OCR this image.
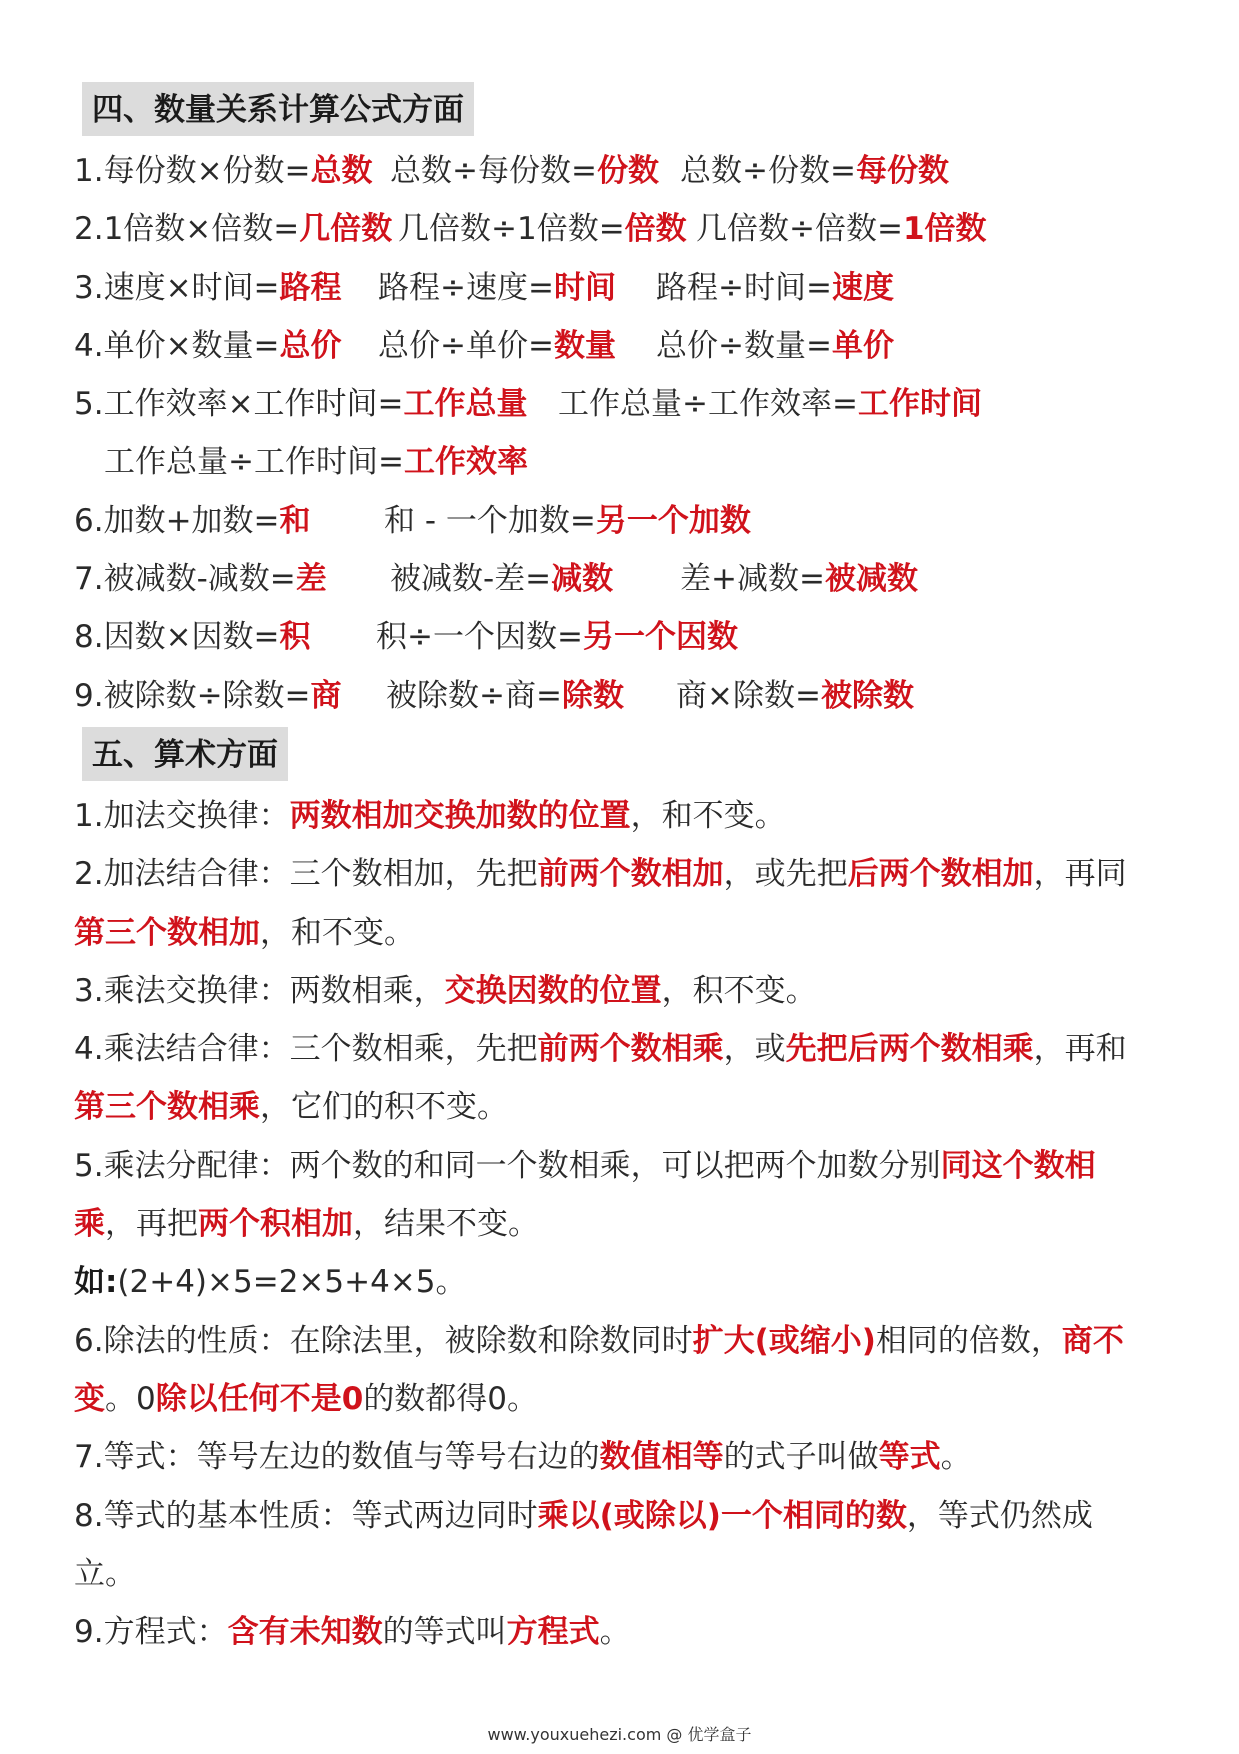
四、数量关系计算公式方面
1.每份数×份数=总数 总数÷每份数=份数 总数÷份数=每份数
2.1倍数×倍数=几倍数 几倍数÷1倍数=倍数 几倍数÷倍数=1倍数
3.速度×时间=路程 路程÷速度=时间 路程÷时间=速度
4.单价×数量=总价 总价÷单价=数量 总价÷数量=单价
5.工作效率×工作时间=工作总量 工作总量÷工作效率=工作时间
工作总量÷工作时间=工作效率
6.加数+加数=和 和 - 一个加数=另一个加数
7.被减数-减数=差 被减数-差=减数 差+减数=被减数
8.因数×因数=积 积÷一个因数=另一个因数
9.被除数÷除数=商 被除数÷商=除数 商×除数=被除数
五、算术方面

1.加法交换律：两数相加交换加数的位置，和不变。

2.加法结合律：三个数相加，先把前两个数相加，或先把后两个数相加，再同第三个数相加，和不变。

3.乘法交换律：两数相乘，交换因数的位置，积不变。

4.乘法结合律：三个数相乘，先把前两个数相乘，或先把后两个数相乘，再和第三个数相乘，它们的积不变。

5.乘法分配律：两个数的和同一个数相乘，可以把两个加数分别同这个数相乘，再把两个积相加，结果不变。

如:(2+4)×5=2×5+4×5。

6.除法的性质：在除法里，被除数和除数同时扩大(或缩小)相同的倍数，商不变。0除以任何不是0的数都得0。

7.等式：等号左边的数值与等号右边的数值相等的式子叫做等式。

8.等式的基本性质：等式两边同时乘以(或除以)一个相同的数，等式仍然成立。

9.方程式：含有未知数的等式叫方程式。

www.youxuehezi.com @ 优学盒子
